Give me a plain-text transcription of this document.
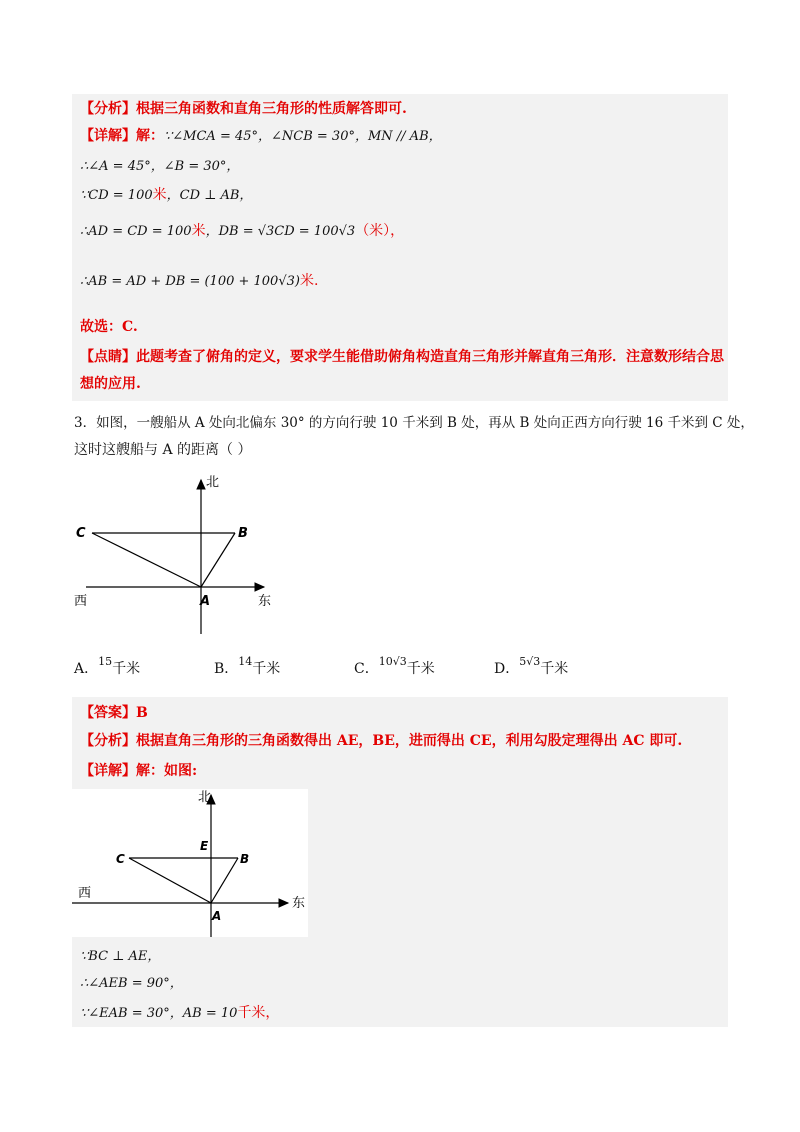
【分析】根据三角函数和直角三角形的性质解答即可.
【详解】解：∵∠MCA = 45°，∠NCB = 30°，MN // AB，
∴∠A = 45°，∠B = 30°，
∵CD = 100米，CD ⊥ AB，
∴AD = CD = 100米，DB = √3CD = 100√3（米），
∴AB = AD + DB = (100 + 100√3)米.
故选：C.
【点睛】此题考查了俯角的定义，要求学生能借助俯角构造直角三角形并解直角三角形．注意数形结合思
想的应用.
3．如图，一艘船从 A 处向北偏东 30° 的方向行驶 10 千米到 B 处，再从 B 处向正西方向行驶 16 千米到 C 处，
这时这艘船与 A 的距离（ ）
北
西	东
C	B
A
A．$^{15}$千米	B．$^{14}$千米	C．$^{10√3}$千米	D．$^{5√3}$千米
【答案】B
【分析】根据直角三角形的三角函数得出 AE，BE，进而得出 CE，利用勾股定理得出 AC 即可.
【详解】解：如图:
北
西
东
C	B
E
A
∵BC ⊥ AE，
∴∠AEB = 90°，
∵∠EAB = 30°，AB = 10千米，
